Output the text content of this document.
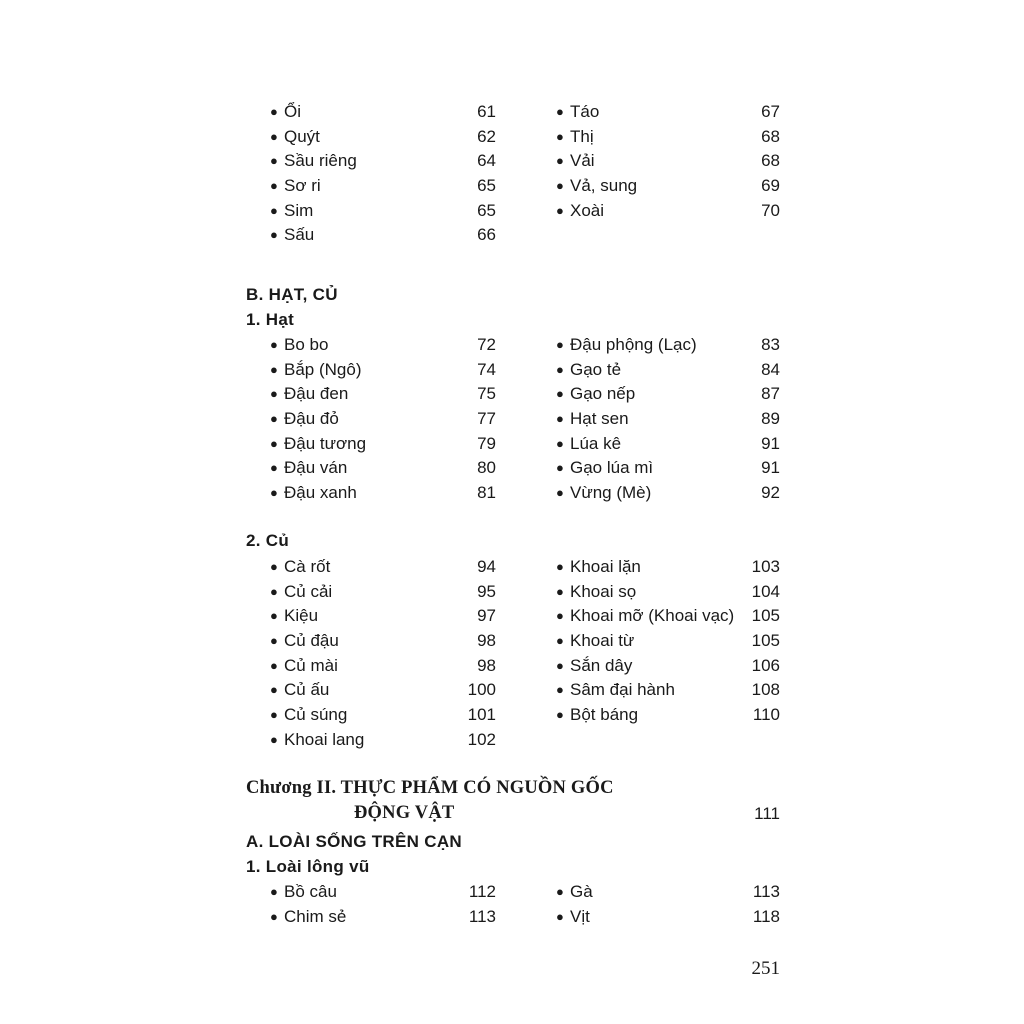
● Ổi	61
● Quýt	62
● Sầu riêng	64
● Sơ ri	65
● Sim	65
● Sấu	66
● Táo	67
● Thị	68
● Vải	68
● Vả, sung	69
● Xoài	70
B. HẠT, CỦ
1. Hạt
● Bo bo	72
● Bắp (Ngô)	74
● Đậu đen	75
● Đậu đỏ	77
● Đậu tương	79
● Đậu ván	80
● Đậu xanh	81
● Đậu phộng (Lạc)	83
● Gạo tẻ	84
● Gạo nếp	87
● Hạt sen	89
● Lúa kê	91
● Gạo lúa mì	91
● Vừng (Mè)	92
2. Củ
● Cà rốt	94
● Củ cải	95
● Kiệu	97
● Củ đậu	98
● Củ mài	98
● Củ ấu	100
● Củ súng	101
● Khoai lang	102
● Khoai lặn	103
● Khoai sọ	104
● Khoai mỡ (Khoai vạc) 105
● Khoai từ	105
● Sắn dây	106
● Sâm đại hành	108
● Bột báng	110
Chương II. THỰC PHẨM CÓ NGUỒN GỐC
ĐỘNG VẬT	111
A. LOÀI SỐNG TRÊN CẠN
1. Loài lông vũ
● Bồ câu	112
● Chim sẻ	113
● Gà	113
● Vịt	118
251
